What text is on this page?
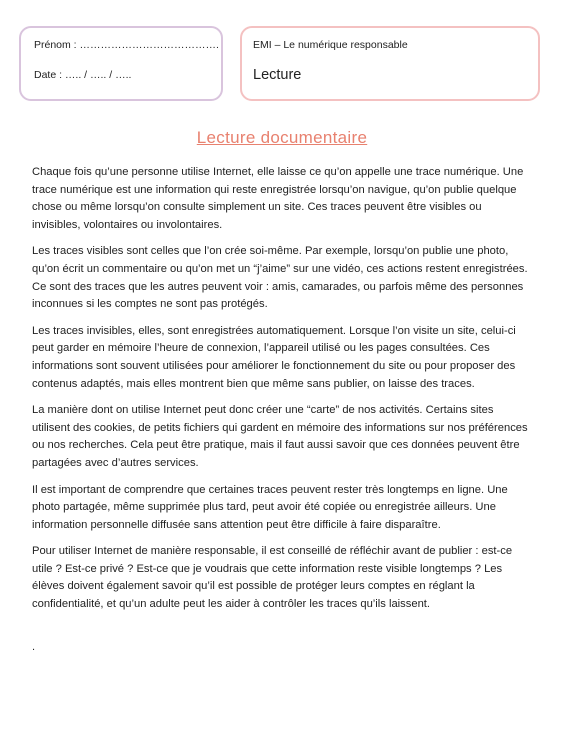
Prénom : ………………………………….
Date : ….. / ….. / …..
EMI – Le numérique responsable
Lecture
Lecture documentaire

Chaque fois qu’une personne utilise Internet, elle laisse ce qu’on appelle une trace numérique. Une trace numérique est une information qui reste enregistrée lorsqu’on navigue, qu’on publie quelque chose ou même lorsqu’on consulte simplement un site. Ces traces peuvent être visibles ou invisibles, volontaires ou involontaires.

Les traces visibles sont celles que l’on crée soi-même. Par exemple, lorsqu’on publie une photo, qu’on écrit un commentaire ou qu’on met un “j’aime” sur une vidéo, ces actions restent enregistrées. Ce sont des traces que les autres peuvent voir : amis, camarades, ou parfois même des personnes inconnues si les comptes ne sont pas protégés.

Les traces invisibles, elles, sont enregistrées automatiquement. Lorsque l’on visite un site, celui-ci peut garder en mémoire l’heure de connexion, l’appareil utilisé ou les pages consultées. Ces informations sont souvent utilisées pour améliorer le fonctionnement du site ou pour proposer des contenus adaptés, mais elles montrent bien que même sans publier, on laisse des traces.

La manière dont on utilise Internet peut donc créer une “carte” de nos activités. Certains sites utilisent des cookies, de petits fichiers qui gardent en mémoire des informations sur nos préférences ou nos recherches. Cela peut être pratique, mais il faut aussi savoir que ces données peuvent être partagées avec d’autres services.

Il est important de comprendre que certaines traces peuvent rester très longtemps en ligne. Une photo partagée, même supprimée plus tard, peut avoir été copiée ou enregistrée ailleurs. Une information personnelle diffusée sans attention peut être difficile à faire disparaître.

Pour utiliser Internet de manière responsable, il est conseillé de réfléchir avant de publier : est-ce utile ? Est-ce privé ? Est-ce que je voudrais que cette information reste visible longtemps ? Les élèves doivent également savoir qu’il est possible de protéger leurs comptes en réglant la confidentialité, et qu’un adulte peut les aider à contrôler les traces qu’ils laissent.

.
